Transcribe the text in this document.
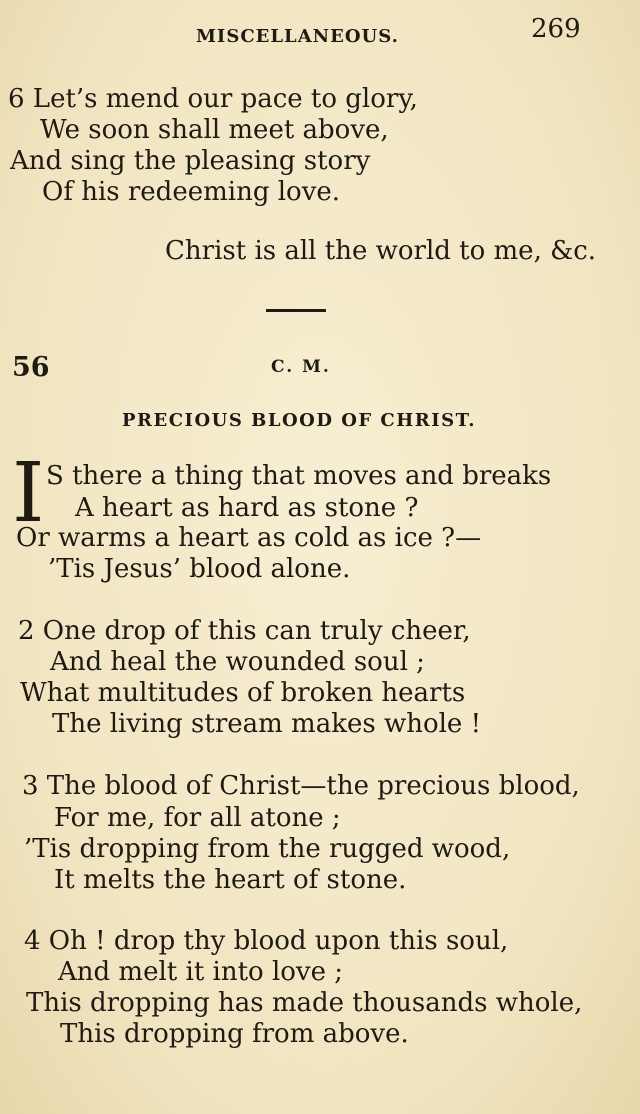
MISCELLANEOUS.	269
6 Let’s mend our pace to glory,
We soon shall meet above,
And sing the pleasing story
Of his redeeming love.
Christ is all the world to me, &c.
56	C. M.
PRECIOUS BLOOD OF CHRIST.
I S there a thing that moves and breaks
A heart as hard as stone ?
Or warms a heart as cold as ice ?—
’Tis Jesus’ blood alone.
2 One drop of this can truly cheer,
And heal the wounded soul ;
What multitudes of broken hearts
The living stream makes whole !
3 The blood of Christ—the precious blood,
For me, for all atone ;
’Tis dropping from the rugged wood,
It melts the heart of stone.
4 Oh ! drop thy blood upon this soul,
And melt it into love ;
This dropping has made thousands whole,
This dropping from above.
